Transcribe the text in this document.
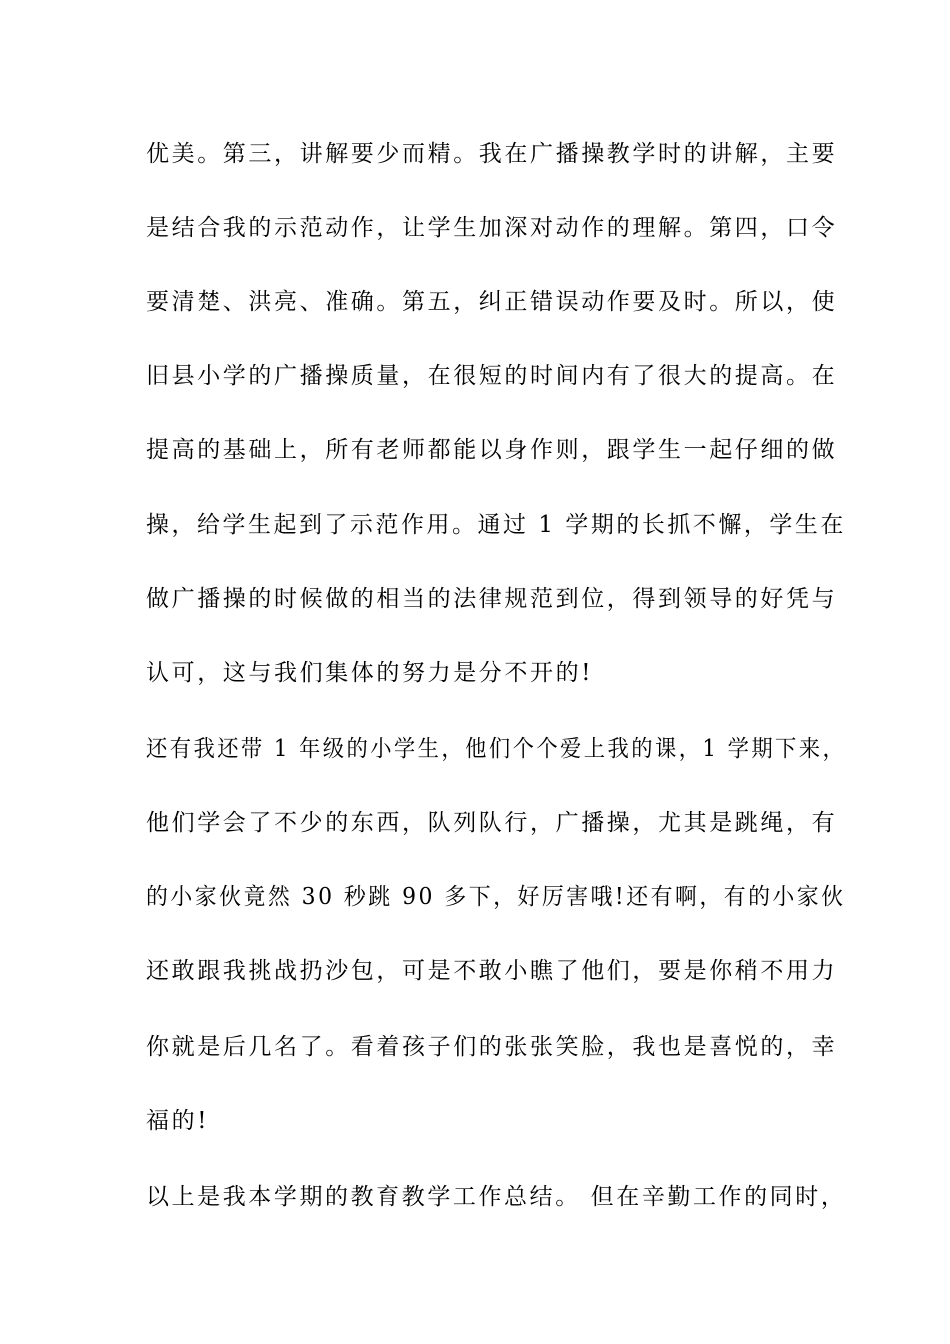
优美。第三，讲解要少而精。我在广播操教学时的讲解，主要
是结合我的示范动作，让学生加深对动作的理解。第四，口令
要清楚、洪亮、准确。第五，纠正错误动作要及时。所以，使
旧县小学的广播操质量，在很短的时间内有了很大的提高。在
提高的基础上，所有老师都能以身作则，跟学生一起仔细的做
操，给学生起到了示范作用。通过 1 学期的长抓不懈，学生在
做广播操的时候做的相当的法律规范到位，得到领导的好凭与
认可，这与我们集体的努力是分不开的!
还有我还带 1 年级的小学生，他们个个爱上我的课，1 学期下来，
他们学会了不少的东西，队列队行，广播操，尤其是跳绳，有
的小家伙竟然 30 秒跳 90 多下，好厉害哦!还有啊，有的小家伙
还敢跟我挑战扔沙包，可是不敢小瞧了他们，要是你稍不用力
你就是后几名了。看着孩子们的张张笑脸，我也是喜悦的，幸
福的!
以上是我本学期的教育教学工作总结。 但在辛勤工作的同时，
